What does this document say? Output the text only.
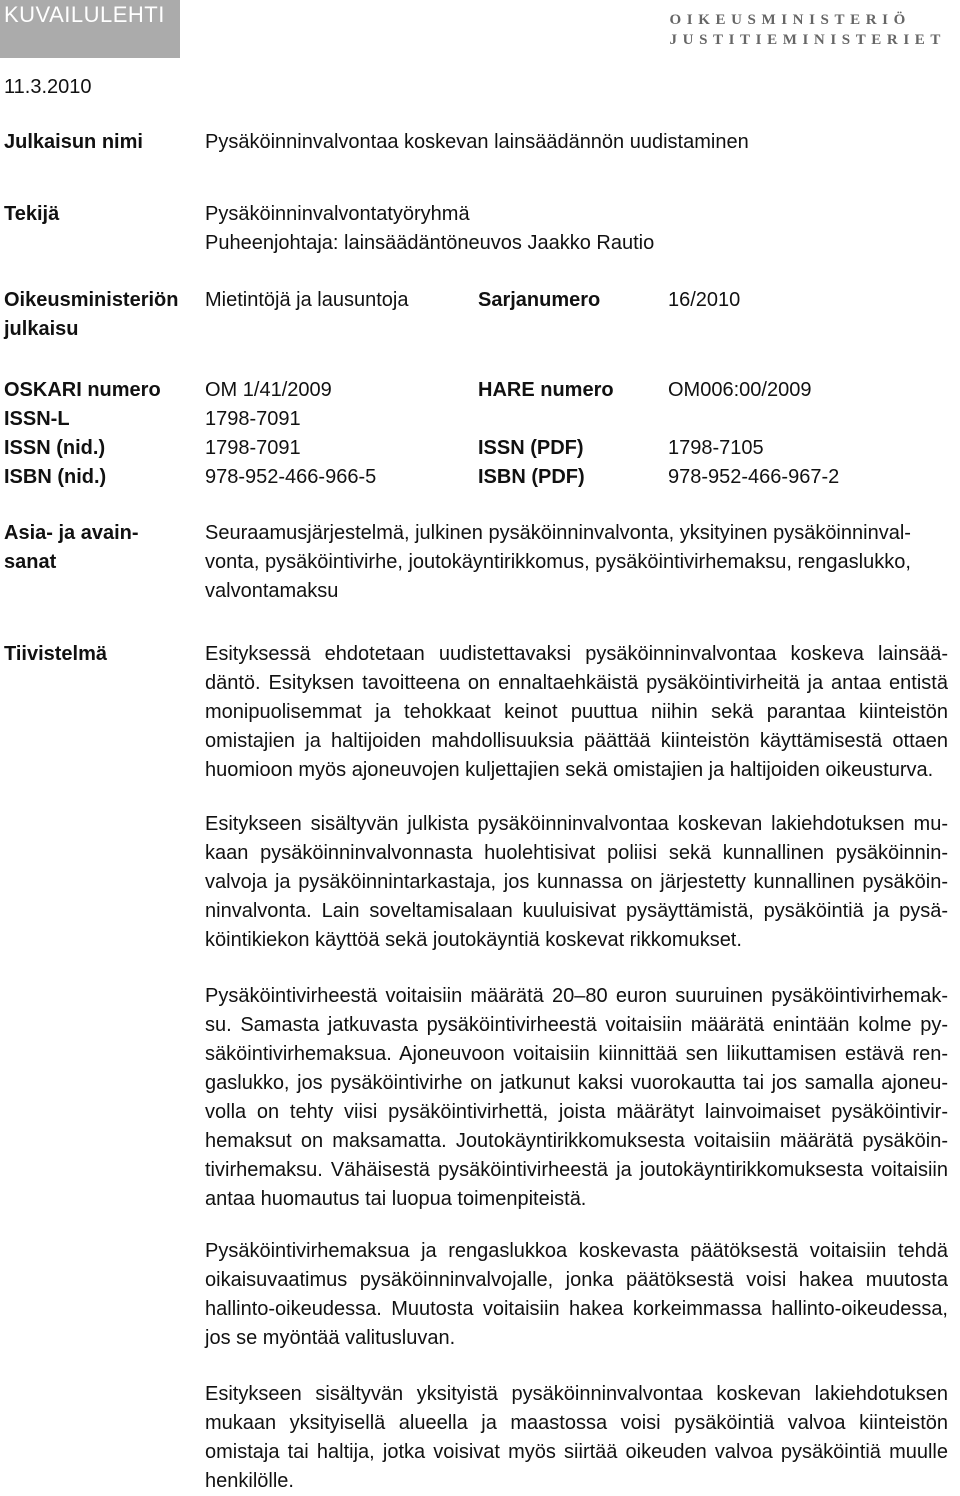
KUVAILULEHTI	OIKEUSMINISTERIÖ
JUSTITIEMINISTERIET
11.3.2010
Julkaisun nimi	Pysäköinninvalvontaa koskevan lainsäädännön uudistaminen
Tekijä	Pysäköinninvalvontatyöryhmä
Puheenjohtaja: lainsäädäntöneuvos Jaakko Rautio
Oikeusministeriön	Mietintöjä ja lausuntoja	Sarjanumero	16/2010
julkaisu
OSKARI numero	OM 1/41/2009	HARE numero	OM006:00/2009
ISSN-L	1798-7091
ISSN (nid.)	1798-7091	ISSN (PDF)	1798-7105
ISBN (nid.)	978-952-466-966-5	ISBN (PDF)	978-952-466-967-2
Asia- ja avain-	Seuraamusjärjestelmä, julkinen pysäköinninvalvonta, yksityinen pysäköinninval-
sanat	vonta, pysäköintivirhe, joutokäyntirikkomus, pysäköintivirhemaksu, rengaslukko,
valvontamaksu
Tiivistelmä	Esityksessä ehdotetaan uudistettavaksi pysäköinninvalvontaa koskeva lainsää-däntö. Esityksen tavoitteena on ennaltaehkäistä pysäköintivirheitä ja antaa entistä monipuolisemmat ja tehokkaat keinot puuttua niihin sekä parantaa kiinteistön omistajien ja haltijoiden mahdollisuuksia päättää kiinteistön käyttämisestä ottaen huomioon myös ajoneuvojen kuljettajien sekä omistajien ja haltijoiden oikeusturva.
Esitykseen sisältyvän julkista pysäköinninvalvontaa koskevan lakiehdotuksen mu-kaan pysäköinninvalvonnasta huolehtisivat poliisi sekä kunnallinen pysäköinnin-valvoja ja pysäköinnintarkastaja, jos kunnassa on järjestetty kunnallinen pysäköin-ninvalvonta. Lain soveltamisalaan kuuluisivat pysäyttämistä, pysäköintiä ja pysä-köintikiekon käyttöä sekä joutokäyntiä koskevat rikkomukset.
Pysäköintivirheestä voitaisiin määrätä 20–80 euron suuruinen pysäköintivirhemak-su. Samasta jatkuvasta pysäköintivirheestä voitaisiin määrätä enintään kolme py-säköintivirhemaksua. Ajoneuvoon voitaisiin kiinnittää sen liikuttamisen estävä ren-gaslukko, jos pysäköintivirhe on jatkunut kaksi vuorokautta tai jos samalla ajoneu-volla on tehty viisi pysäköintivirhettä, joista määrätyt lainvoimaiset pysäköintivir-hemaksut on maksamatta. Joutokäyntirikkomuksesta voitaisiin määrätä pysäköin-tivirhemaksu. Vähäisestä pysäköintivirheestä ja joutokäyntirikkomuksesta voitaisiin antaa huomautus tai luopua toimenpiteistä.
Pysäköintivirhemaksua ja rengaslukkoa koskevasta päätöksestä voitaisiin tehdä oikaisuvaatimus pysäköinninvalvojalle, jonka päätöksestä voisi hakea muutosta hallinto-oikeudessa. Muutosta voitaisiin hakea korkeimmassa hallinto-oikeudessa, jos se myöntää valitusluvan.
Esitykseen sisältyvän yksityistä pysäköinninvalvontaa koskevan lakiehdotuksen mukaan yksityisellä alueella ja maastossa voisi pysäköintiä valvoa kiinteistön omistaja tai haltija, jotka voisivat myös siirtää oikeuden valvoa pysäköintiä muulle henkilölle.
